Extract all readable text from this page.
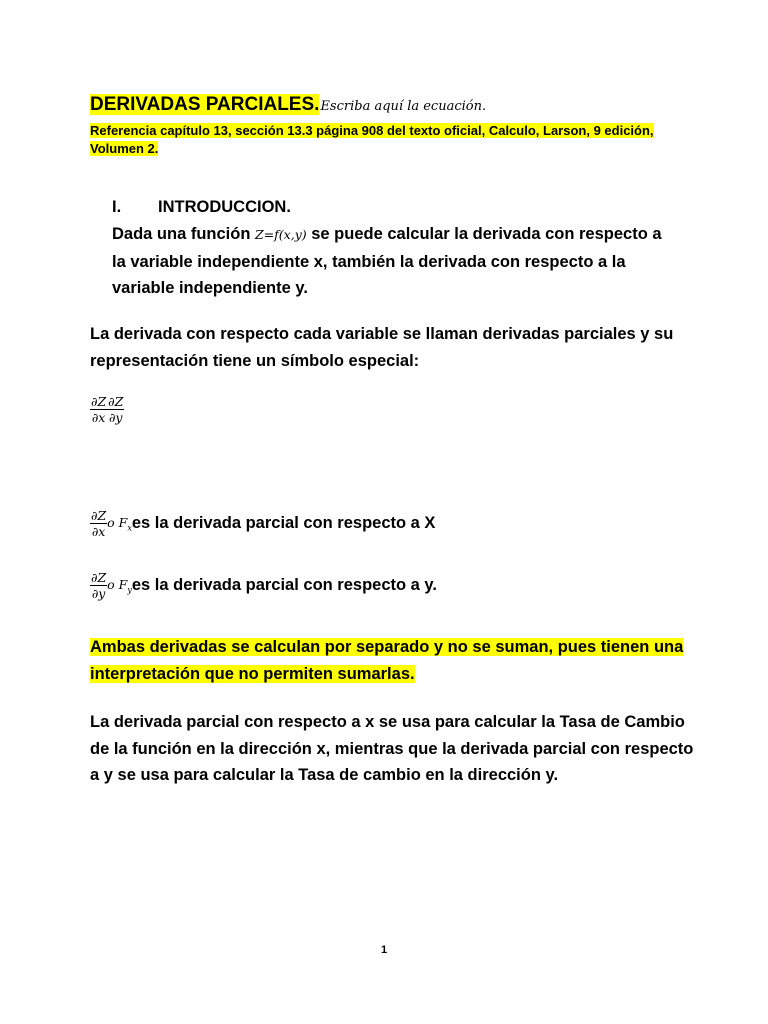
DERIVADAS PARCIALES.Escriba aquí la ecuación.
Referencia capítulo 13, sección 13.3 página 908 del texto oficial, Calculo, Larson, 9 edición, Volumen 2.
I. INTRODUCCION.
Dada una función Z=f(x,y) se puede calcular la derivada con respecto a la variable independiente x, también la derivada con respecto a la variable independiente y.
La derivada con respecto cada variable se llaman derivadas parciales y su representación tiene un símbolo especial:
$\frac{\partial Z}{\partial x} \frac{\partial Z}{\partial y}$
$\frac{\partial Z}{\partial x}$ o $F_xes$ la derivada parcial con respecto a X
$\frac{\partial Z}{\partial y}$ o $F_yes$ la derivada parcial con respecto a y.
Ambas derivadas se calculan por separado y no se suman, pues tienen una interpretación que no permiten sumarlas.
La derivada parcial con respecto a x se usa para calcular la Tasa de Cambio de la función en la dirección x, mientras que la derivada parcial con respecto a y se usa para calcular la Tasa de cambio en la dirección y.
1
